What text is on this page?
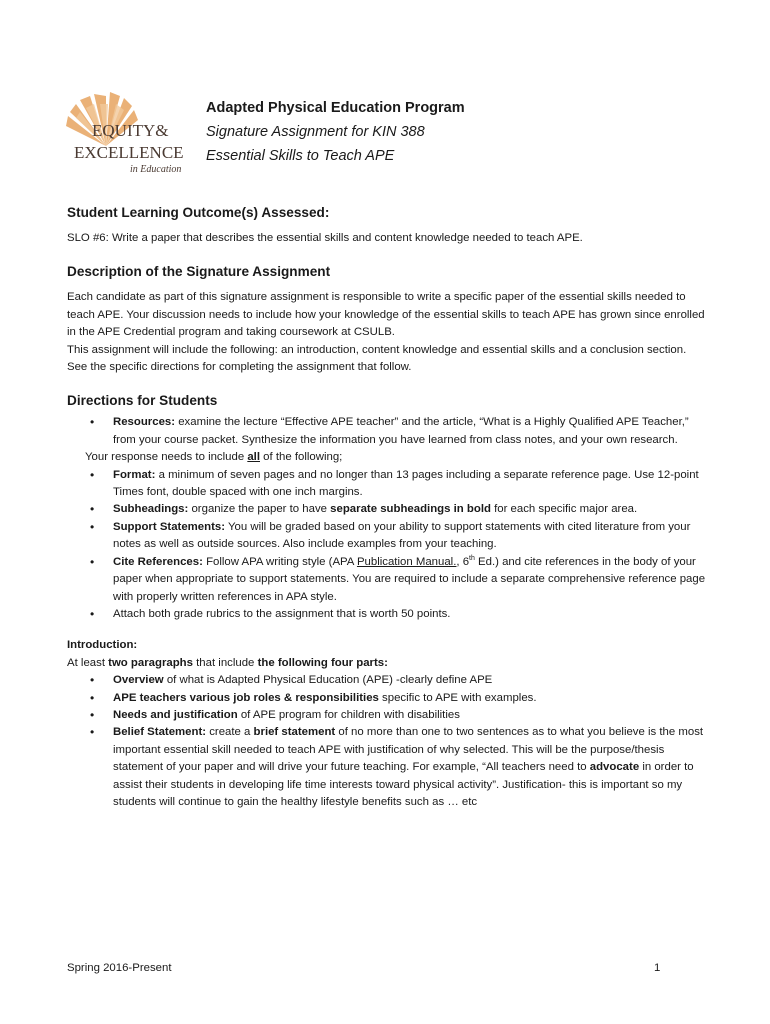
EQUITY&
EXCELLENCE
in Education
Adapted Physical Education Program
Signature Assignment for KIN 388
Essential Skills to Teach APE
Student Learning Outcome(s) Assessed:

SLO #6: Write a paper that describes the essential skills and content knowledge needed to teach APE.

Description of the Signature Assignment

Each candidate as part of this signature assignment is responsible to write a specific paper of the essential skills needed to teach APE. Your discussion needs to include how your knowledge of the essential skills to teach APE has grown since enrolled in the APE Credential program and taking coursework at CSULB.

This assignment will include the following: an introduction, content knowledge and essential skills and a conclusion section. See the specific directions for completing the assignment that follow.

Directions for Students
• Resources: examine the lecture “Effective APE teacher” and the article, “What is a Highly Qualified APE Teacher,” from your course packet. Synthesize the information you have learned from class notes, and your own research.

Your response needs to include all of the following;

• Format: a minimum of seven pages and no longer than 13 pages including a separate reference page. Use 12-point Times font, double spaced with one inch margins.
• Subheadings: organize the paper to have separate subheadings in bold for each specific major area.
• Support Statements: You will be graded based on your ability to support statements with cited literature from your notes as well as outside sources. Also include examples from your teaching.
• Cite References: Follow APA writing style (APA Publication Manual., 6th Ed.) and cite references in the body of your paper when appropriate to support statements. You are required to include a separate comprehensive reference page with properly written references in APA style.
• Attach both grade rubrics to the assignment that is worth 50 points.

Introduction:

At least two paragraphs that include the following four parts:

• Overview of what is Adapted Physical Education (APE) -clearly define APE
• APE teachers various job roles & responsibilities specific to APE with examples.
• Needs and justification of APE program for children with disabilities
• Belief Statement: create a brief statement of no more than one to two sentences as to what you believe is the most important essential skill needed to teach APE with justification of why selected. This will be the purpose/thesis statement of your paper and will drive your future teaching. For example, “All teachers need to advocate in order to assist their students in developing life time interests toward physical activity”. Justification- this is important so my students will continue to gain the healthy lifestyle benefits such as … etc
Spring 2016-Present	1
